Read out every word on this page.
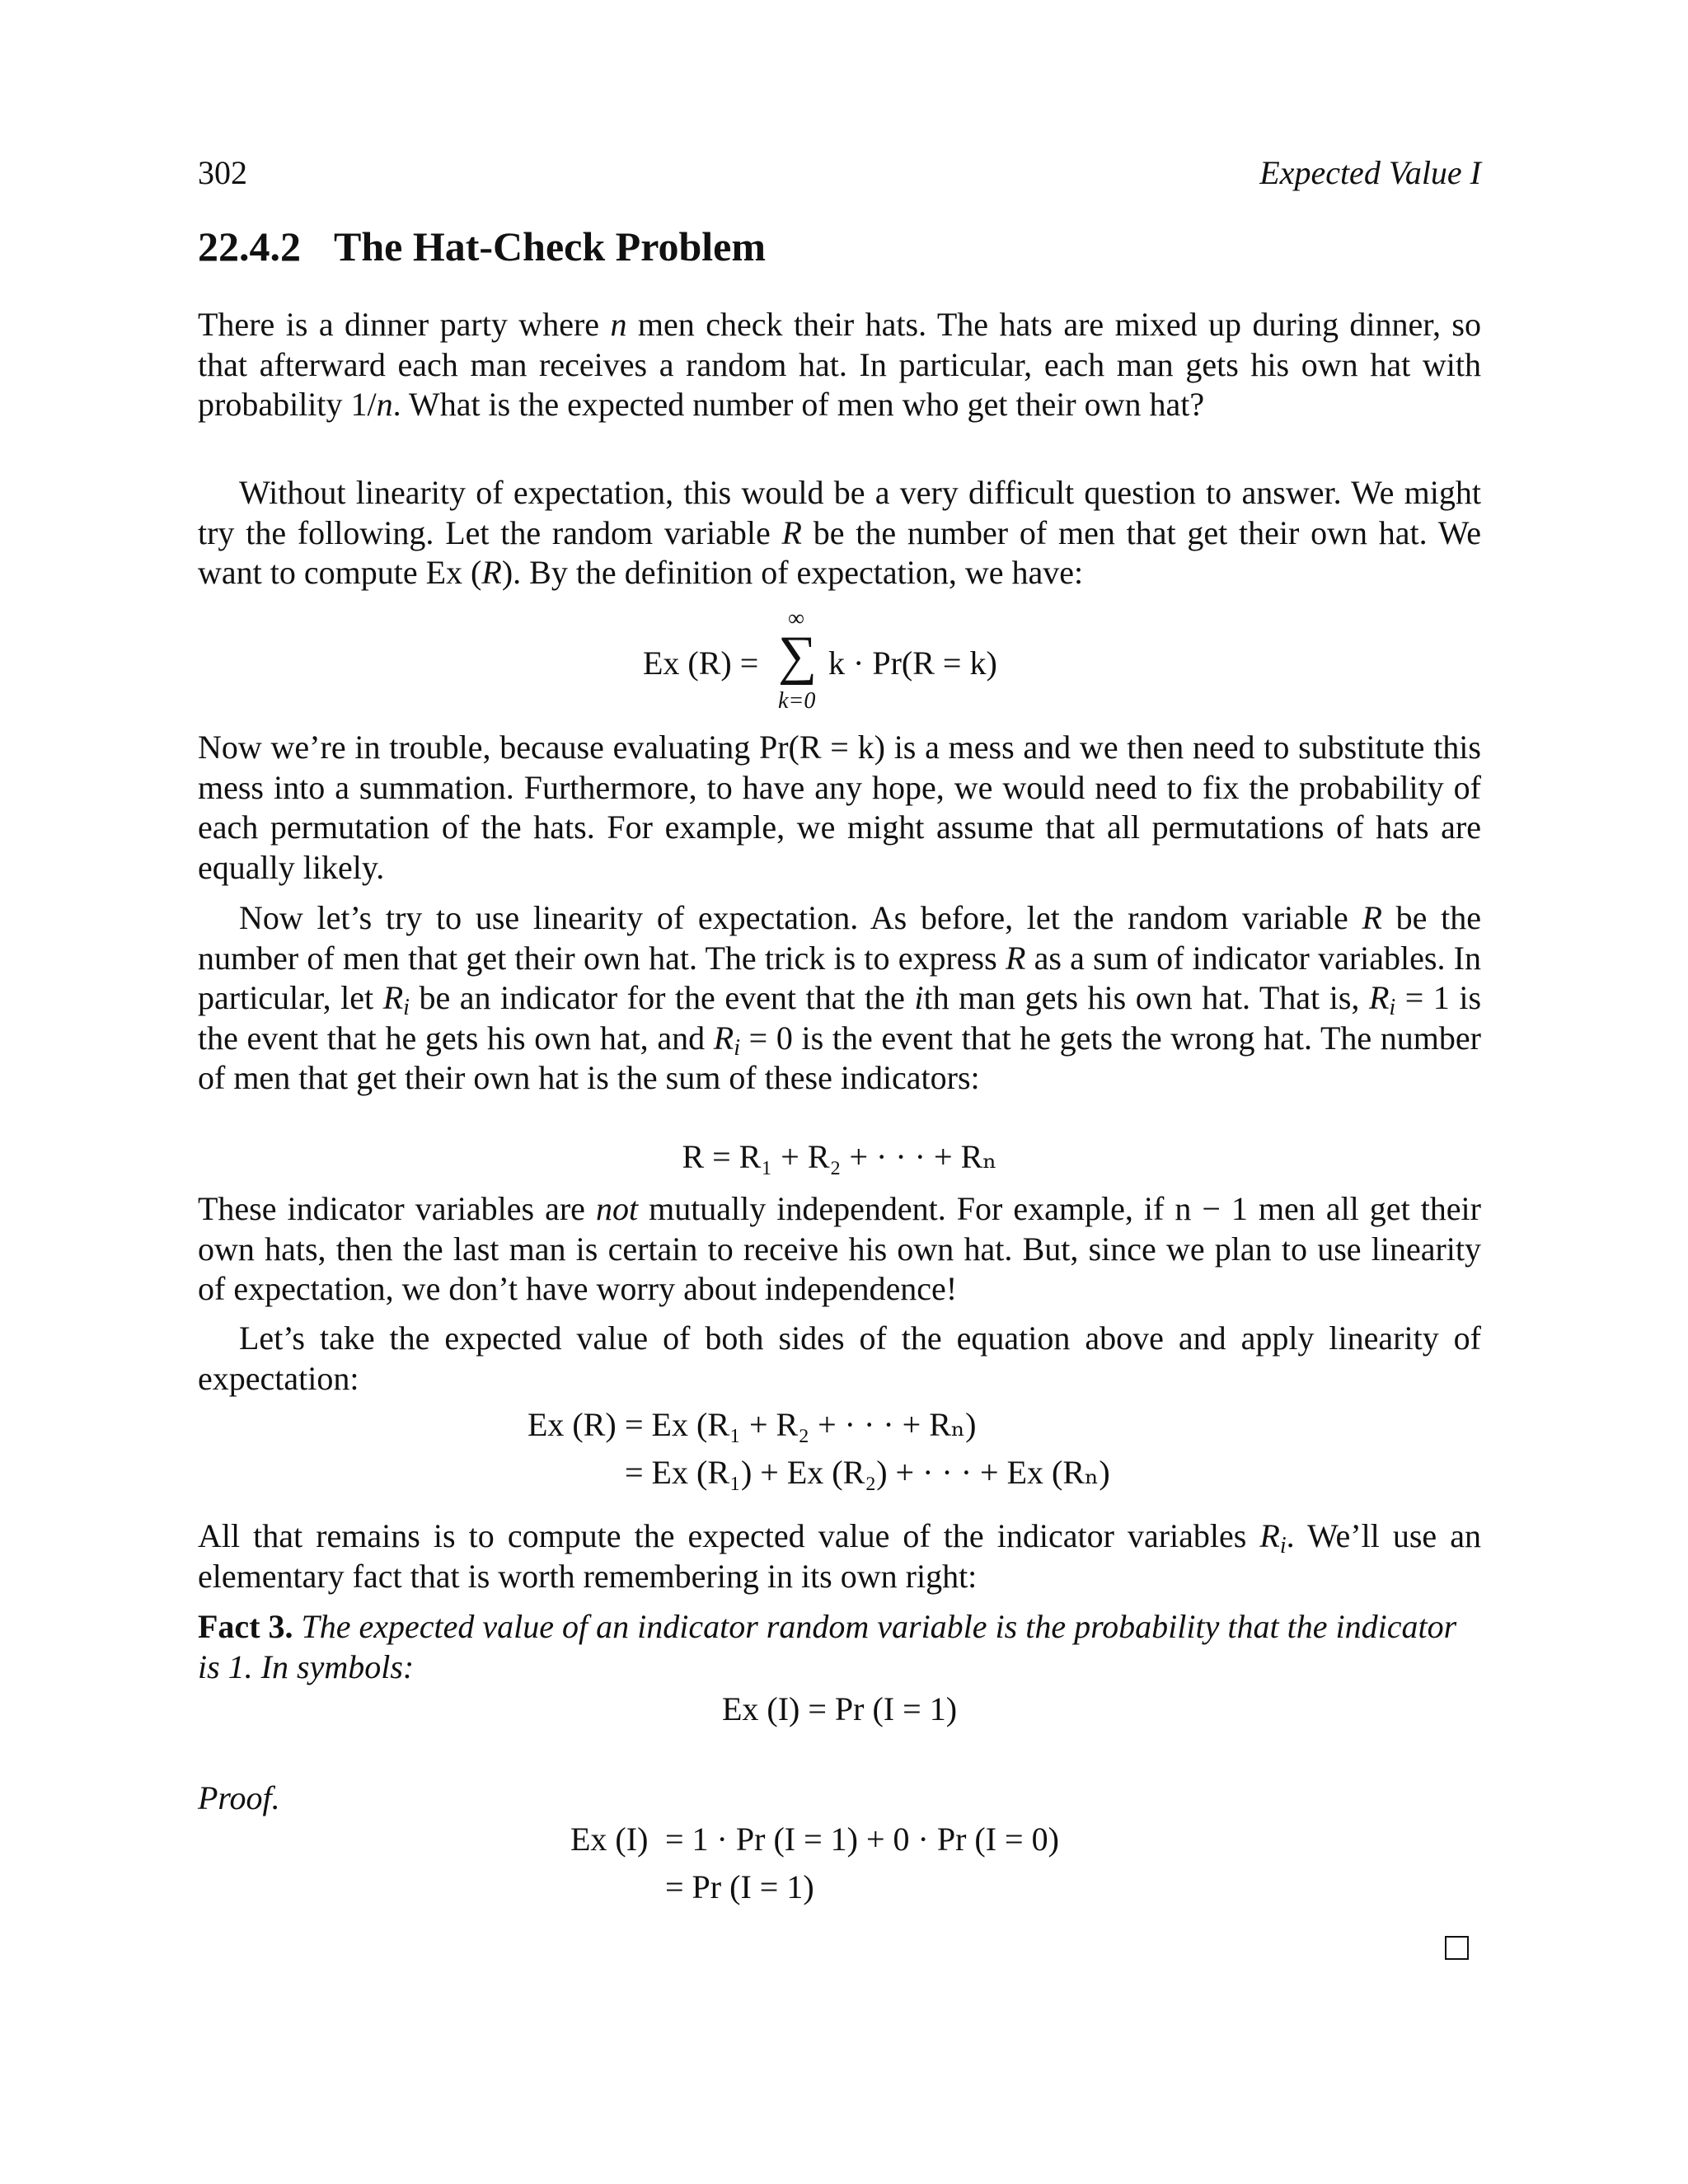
302	Expected Value I
22.4.2 The Hat-Check Problem
There is a dinner party where n men check their hats. The hats are mixed up during dinner, so that afterward each man receives a random hat. In particular, each man gets his own hat with probability 1/n. What is the expected number of men who get their own hat?
Without linearity of expectation, this would be a very difficult question to answer. We might try the following. Let the random variable R be the number of men that get their own hat. We want to compute Ex (R). By the definition of expectation, we have:
Ex (R) =
∞
∑
k=0
k · Pr(R = k)
Now we’re in trouble, because evaluating Pr(R = k) is a mess and we then need to substitute this mess into a summation. Furthermore, to have any hope, we would need to fix the probability of each permutation of the hats. For example, we might assume that all permutations of hats are equally likely.
Now let’s try to use linearity of expectation. As before, let the random variable R be the number of men that get their own hat. The trick is to express R as a sum of indicator variables. In particular, let $R_i$ be an indicator for the event that the ith man gets his own hat. That is, $R_i = 1$ is the event that he gets his own hat, and $R_i = 0$ is the event that he gets the wrong hat. The number of men that get their own hat is the sum of these indicators:
R = R₁ + R₂ + · · · + Rₙ
These indicator variables are not mutually independent. For example, if n − 1 men all get their own hats, then the last man is certain to receive his own hat. But, since we plan to use linearity of expectation, we don’t have worry about independence!
Let’s take the expected value of both sides of the equation above and apply linearity of expectation:
Ex (R) = Ex (R₁ + R₂ + · · · + Rₙ)
= Ex (R₁) + Ex (R₂) + · · · + Ex (Rₙ)
All that remains is to compute the expected value of the indicator variables $R_i$. We’ll use an elementary fact that is worth remembering in its own right:
Fact 3. The expected value of an indicator random variable is the probability that the indicator is 1. In symbols:
Ex (I) = Pr (I = 1)
Proof.
Ex (I) = 1 · Pr (I = 1) + 0 · Pr (I = 0)
= Pr (I = 1)
